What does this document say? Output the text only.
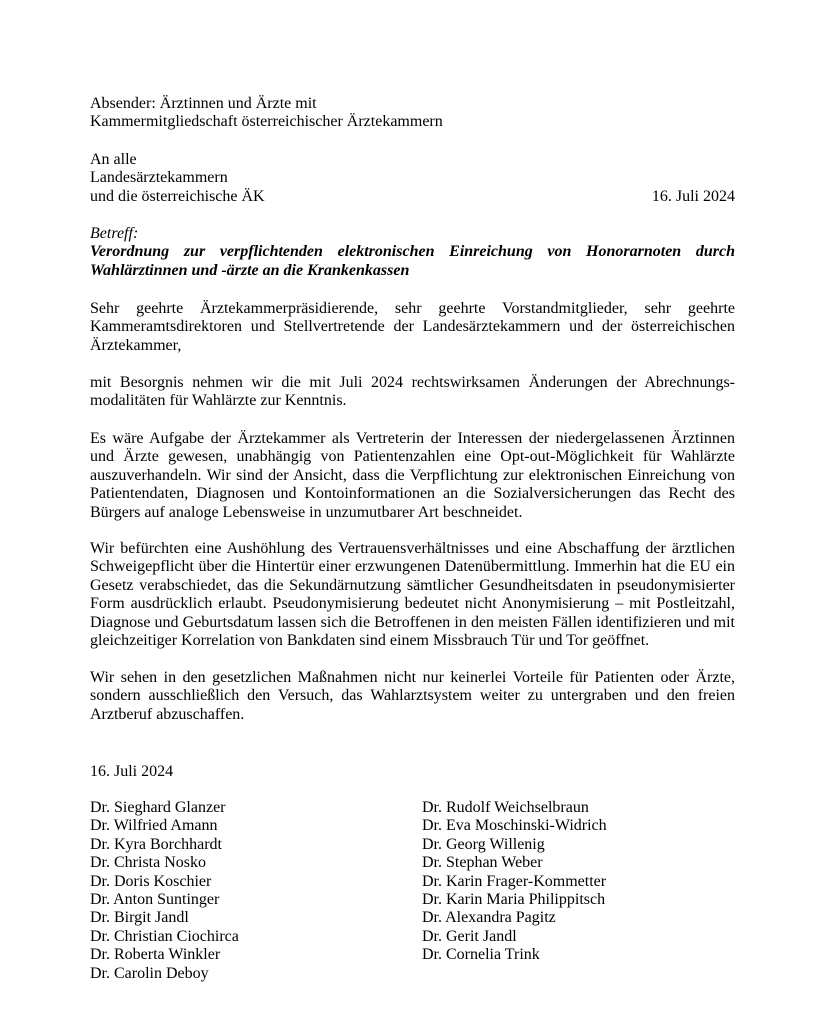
Absender: Ärztinnen und Ärzte mit
Kammermitgliedschaft österreichischer Ärztekammern
An alle
Landesärztekammern
und die österreichische ÄK	16. Juli 2024
Betreff:
Verordnung zur verpflichtenden elektronischen Einreichung von Honorarnoten durch Wahlärztinnen und -ärzte an die Krankenkassen
Sehr geehrte Ärztekammerpräsidierende, sehr geehrte Vorstandmitglieder, sehr geehrte Kammeramtsdirektoren und Stellvertretende der Landesärztekammern und der österreichischen Ärztekammer,
mit Besorgnis nehmen wir die mit Juli 2024 rechtswirksamen Änderungen der Abrechnungs-modalitäten für Wahlärzte zur Kenntnis.
Es wäre Aufgabe der Ärztekammer als Vertreterin der Interessen der niedergelassenen Ärztinnen und Ärzte gewesen, unabhängig von Patientenzahlen eine Opt-out-Möglichkeit für Wahlärzte auszuverhandeln. Wir sind der Ansicht, dass die Verpflichtung zur elektronischen Einreichung von Patientendaten, Diagnosen und Kontoinformationen an die Sozialversicherungen das Recht des Bürgers auf analoge Lebensweise in unzumutbarer Art beschneidet.
Wir befürchten eine Aushöhlung des Vertrauensverhältnisses und eine Abschaffung der ärztlichen Schweigepflicht über die Hintertür einer erzwungenen Datenübermittlung. Immerhin hat die EU ein Gesetz verabschiedet, das die Sekundärnutzung sämtlicher Gesundheitsdaten in pseudonymisierter Form ausdrücklich erlaubt. Pseudonymisierung bedeutet nicht Anonymisierung – mit Postleitzahl, Diagnose und Geburtsdatum lassen sich die Betroffenen in den meisten Fällen identifizieren und mit gleichzeitiger Korrelation von Bankdaten sind einem Missbrauch Tür und Tor geöffnet.
Wir sehen in den gesetzlichen Maßnahmen nicht nur keinerlei Vorteile für Patienten oder Ärzte, sondern ausschließlich den Versuch, das Wahlarztsystem weiter zu untergraben und den freien Arztberuf abzuschaffen.
16. Juli 2024
Dr. Sieghard Glanzer
Dr. Wilfried Amann
Dr. Kyra Borchhardt
Dr. Christa Nosko
Dr. Doris Koschier
Dr. Anton Suntinger
Dr. Birgit Jandl
Dr. Christian Ciochirca
Dr. Roberta Winkler
Dr. Carolin Deboy
Dr. Rudolf Weichselbraun
Dr. Eva Moschinski-Widrich
Dr. Georg Willenig
Dr. Stephan Weber
Dr. Karin Frager-Kommetter
Dr. Karin Maria Philippitsch
Dr. Alexandra Pagitz
Dr. Gerit Jandl
Dr. Cornelia Trink
